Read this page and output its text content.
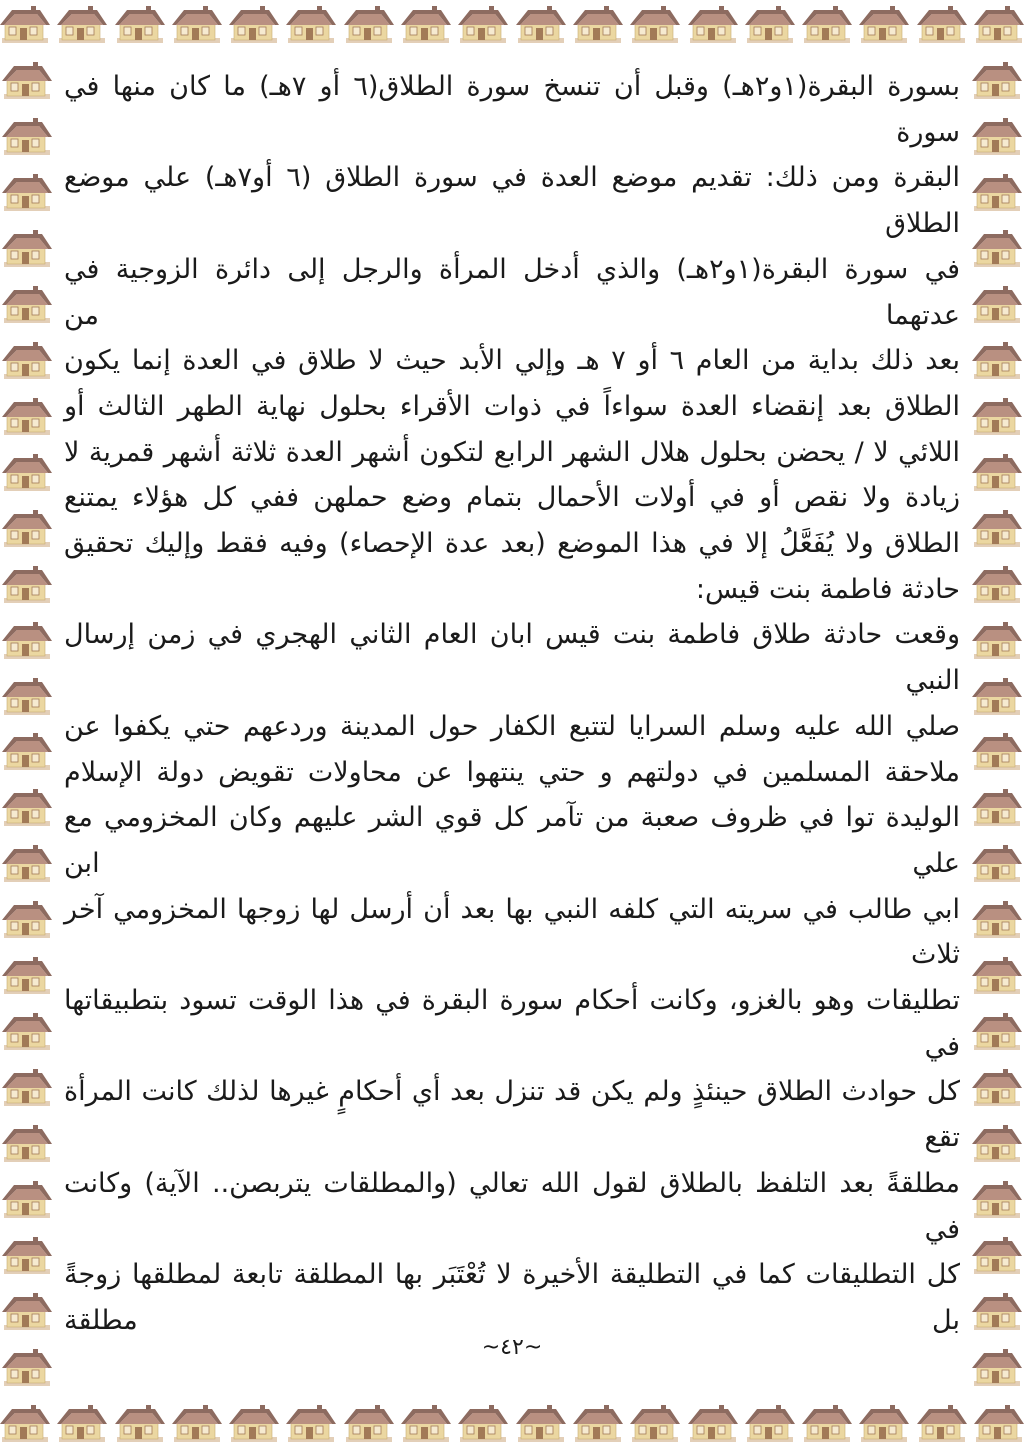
بسورة البقرة(١و٢هـ) وقبل أن تنسخ سورة الطلاق(٦ أو ٧هـ) ما كان منها في سورة

البقرة ومن ذلك: تقديم موضع العدة في سورة الطلاق (٦ أو٧هـ) علي موضع الطلاق

في سورة البقرة(١و٢هـ) والذي أدخل المرأة والرجل إلى دائرة الزوجية في عدتهما من

بعد ذلك بداية من العام ٦ أو ٧ هـ وإلي الأبد حيث لا طلاق في العدة إنما يكون

الطلاق بعد إنقضاء العدة سواءاً في ذوات الأقراء بحلول نهاية الطهر الثالث أو

اللائي لا / يحضن بحلول هلال الشهر الرابع لتكون أشهر العدة ثلاثة أشهر قمرية لا

زيادة ولا نقص أو في أولات الأحمال بتمام وضع حملهن ففي كل هؤلاء يمتنع

الطلاق ولا يُفَعَّلُ إلا في هذا الموضع (بعد عدة الإحصاء) وفيه فقط وإليك تحقيق

حادثة فاطمة بنت قيس:

وقعت حادثة طلاق فاطمة بنت قيس ابان العام الثاني الهجري في زمن إرسال النبي

صلي الله عليه وسلم السرايا لتتبع الكفار حول المدينة وردعهم حتي يكفوا عن

ملاحقة المسلمين في دولتهم و حتي ينتهوا عن محاولات تقويض دولة الإسلام

الوليدة توا في ظروف صعبة من تآمر كل قوي الشر عليهم وكان المخزومي مع علي ابن

ابي طالب في سريته التي كلفه النبي بها بعد أن أرسل لها زوجها المخزومي آخر ثلاث

تطليقات وهو بالغزو، وكانت أحكام سورة البقرة في هذا الوقت تسود بتطبيقاتها في

كل حوادث الطلاق حينئذٍ ولم يكن قد تنزل بعد أي أحكامٍ غيرها لذلك كانت المرأة تقع

مطلقةً بعد التلفظ بالطلاق لقول الله تعالي (والمطلقات يتربصن.. الآية) وكانت في

كل التطليقات كما في التطليقة الأخيرة لا تُعْتَبَر بها المطلقة تابعة لمطلقها زوجةً بل مطلقة

~٤٢~
